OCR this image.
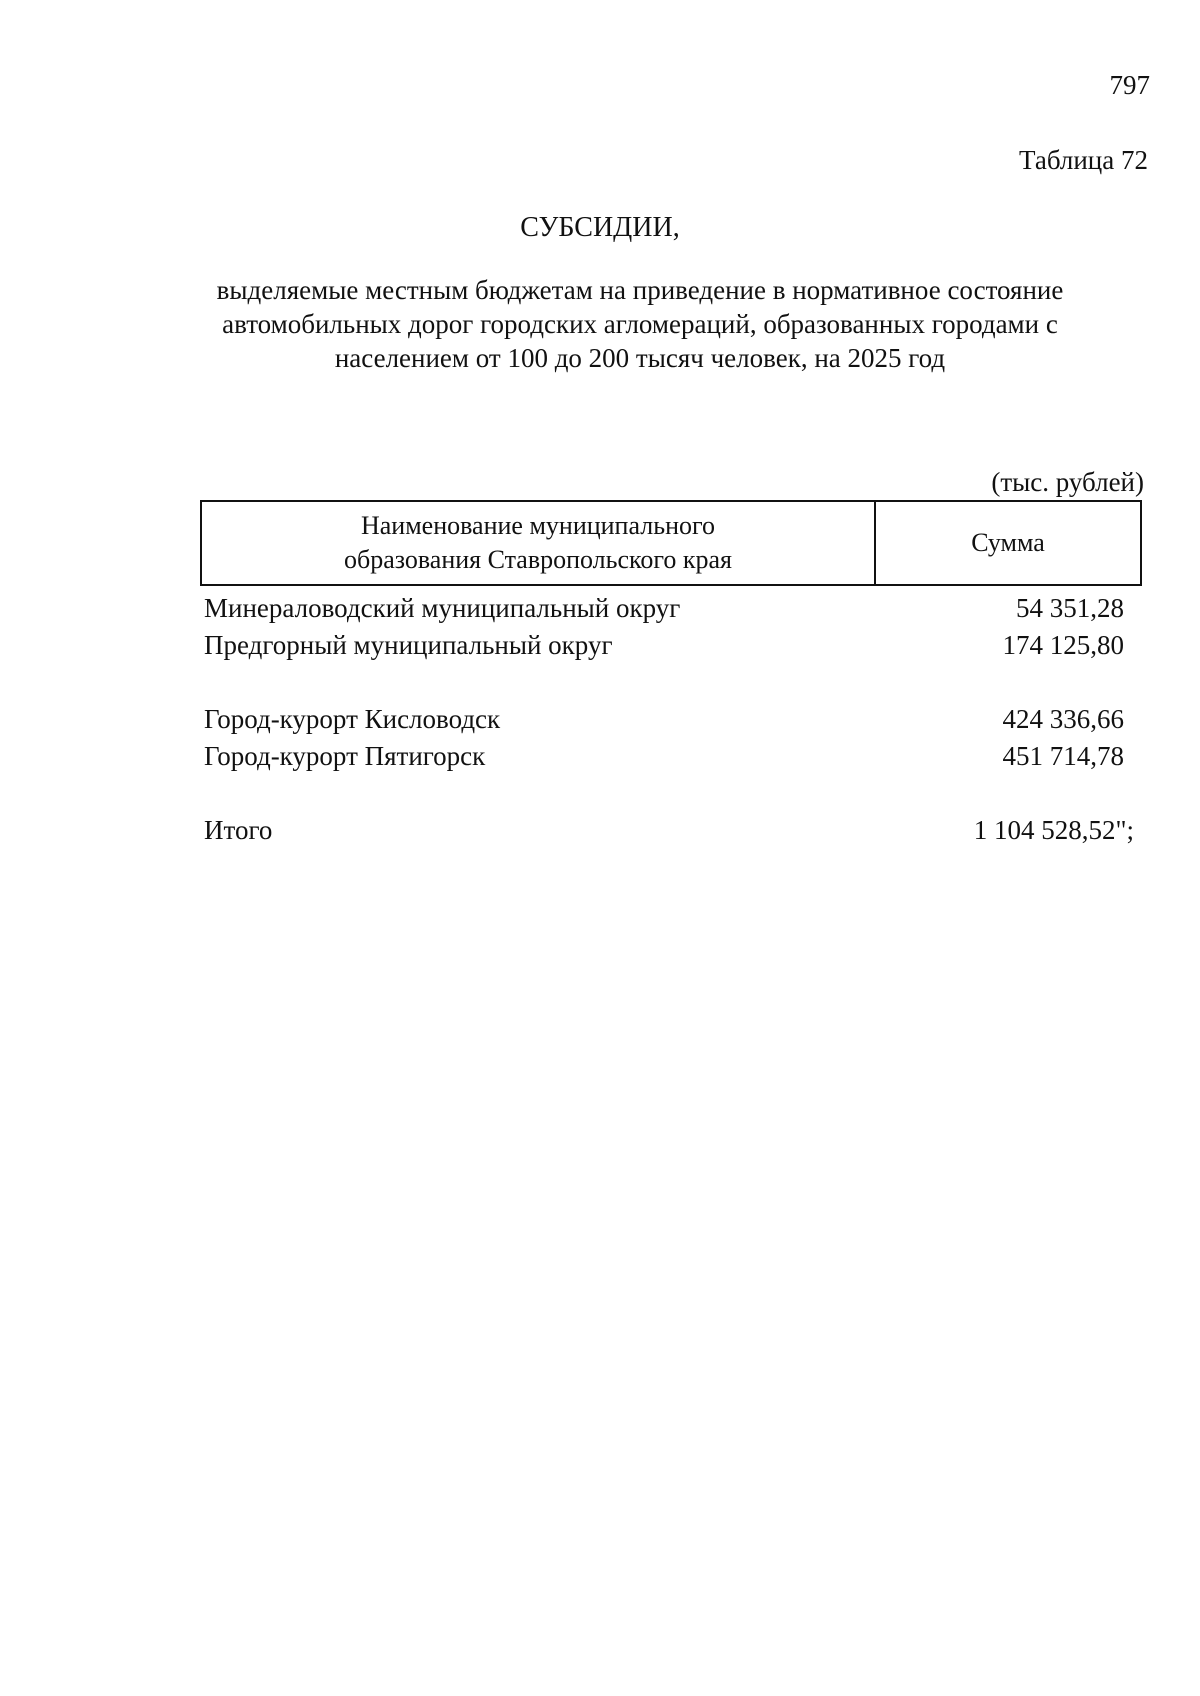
797
Таблица 72
СУБСИДИИ,
выделяемые местным бюджетам на приведение в нормативное состояние
автомобильных дорог городских агломераций, образованных городами с
населением от 100 до 200 тысяч человек, на 2025 год
(тыс. рублей)
Наименование муниципального
образования Ставропольского края
Сумма
Минераловодский муниципальный округ	54 351,28
Предгорный муниципальный округ	174 125,80
Город-курорт Кисловодск	424 336,66
Город-курорт Пятигорск	451 714,78
Итого	1 104 528,52";
